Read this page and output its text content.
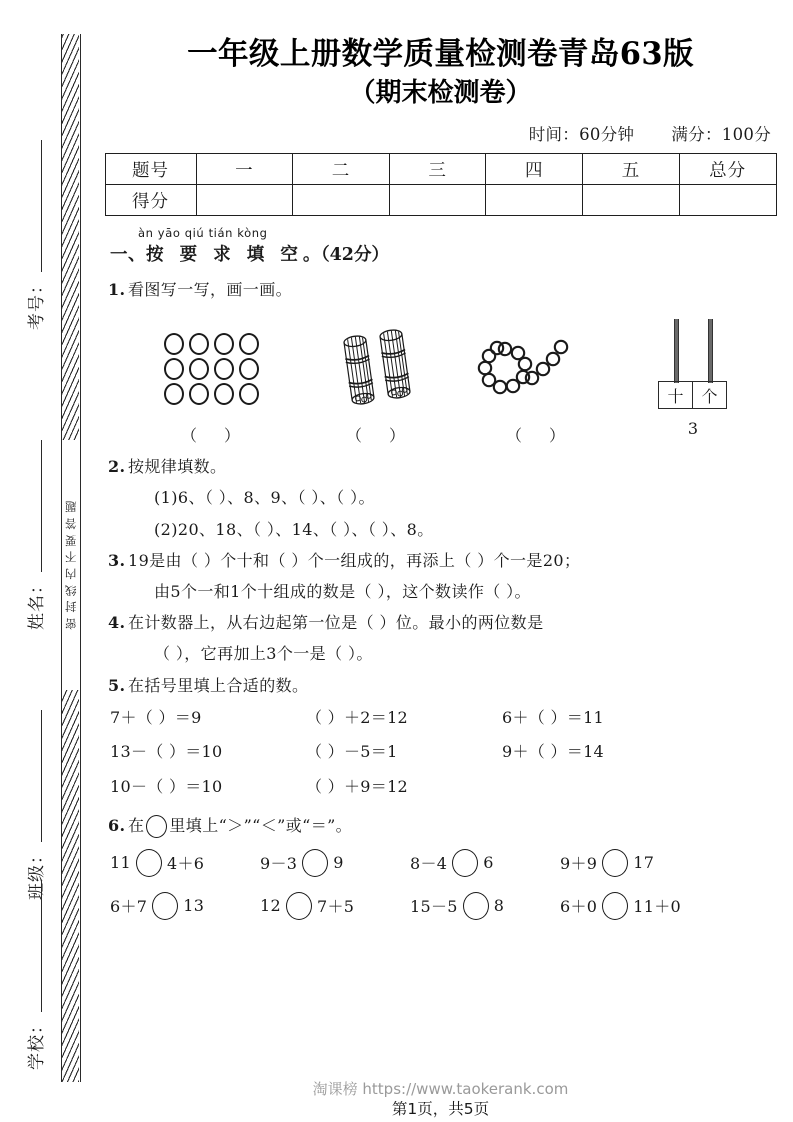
密
封
线
内
不
要
答
题
考号：
姓名：
班级：
学校：
一年级上册数学质量检测卷青岛63版
（期末检测卷）
时间：60分钟 满分：100分
题号	一	二	三	四	五	总分
得分						
àn yāo qiú tián kòng
一、按 要 求 填 空。（42分）
1. 看图写一写，画一画。
（ ）	（ ）	（ ）
十	个
3
2. 按规律填数。
(1)6、（ ）、8、9、（ ）、（ ）。
(2)20、18、（ ）、14、（ ）、（ ）、8。
3. 19是由（ ）个十和（ ）个一组成的，再添上（ ）个一是20；
由5个一和1个十组成的数是（ ），这个数读作（ ）。
4. 在计数器上，从右边起第一位是（ ）位。最小的两位数是
（ ），它再加上3个一是（ ）。
5. 在括号里填上合适的数。
7＋（ ）＝9	（ ）＋2＝12	6＋（ ）＝11
13－（ ）＝10	（ ）－5＝1	9＋（ ）＝14
10－（ ）＝10	（ ）＋9＝12
6. 在 里填上“＞”“＜”或“＝”。
11 4＋6	9－3 9	8－4 6	9＋9 17
6＋7 13	12 7＋5	15－5 8	6＋0 11＋0
淘课榜 https://www.taokerank.com
第1页，共5页
